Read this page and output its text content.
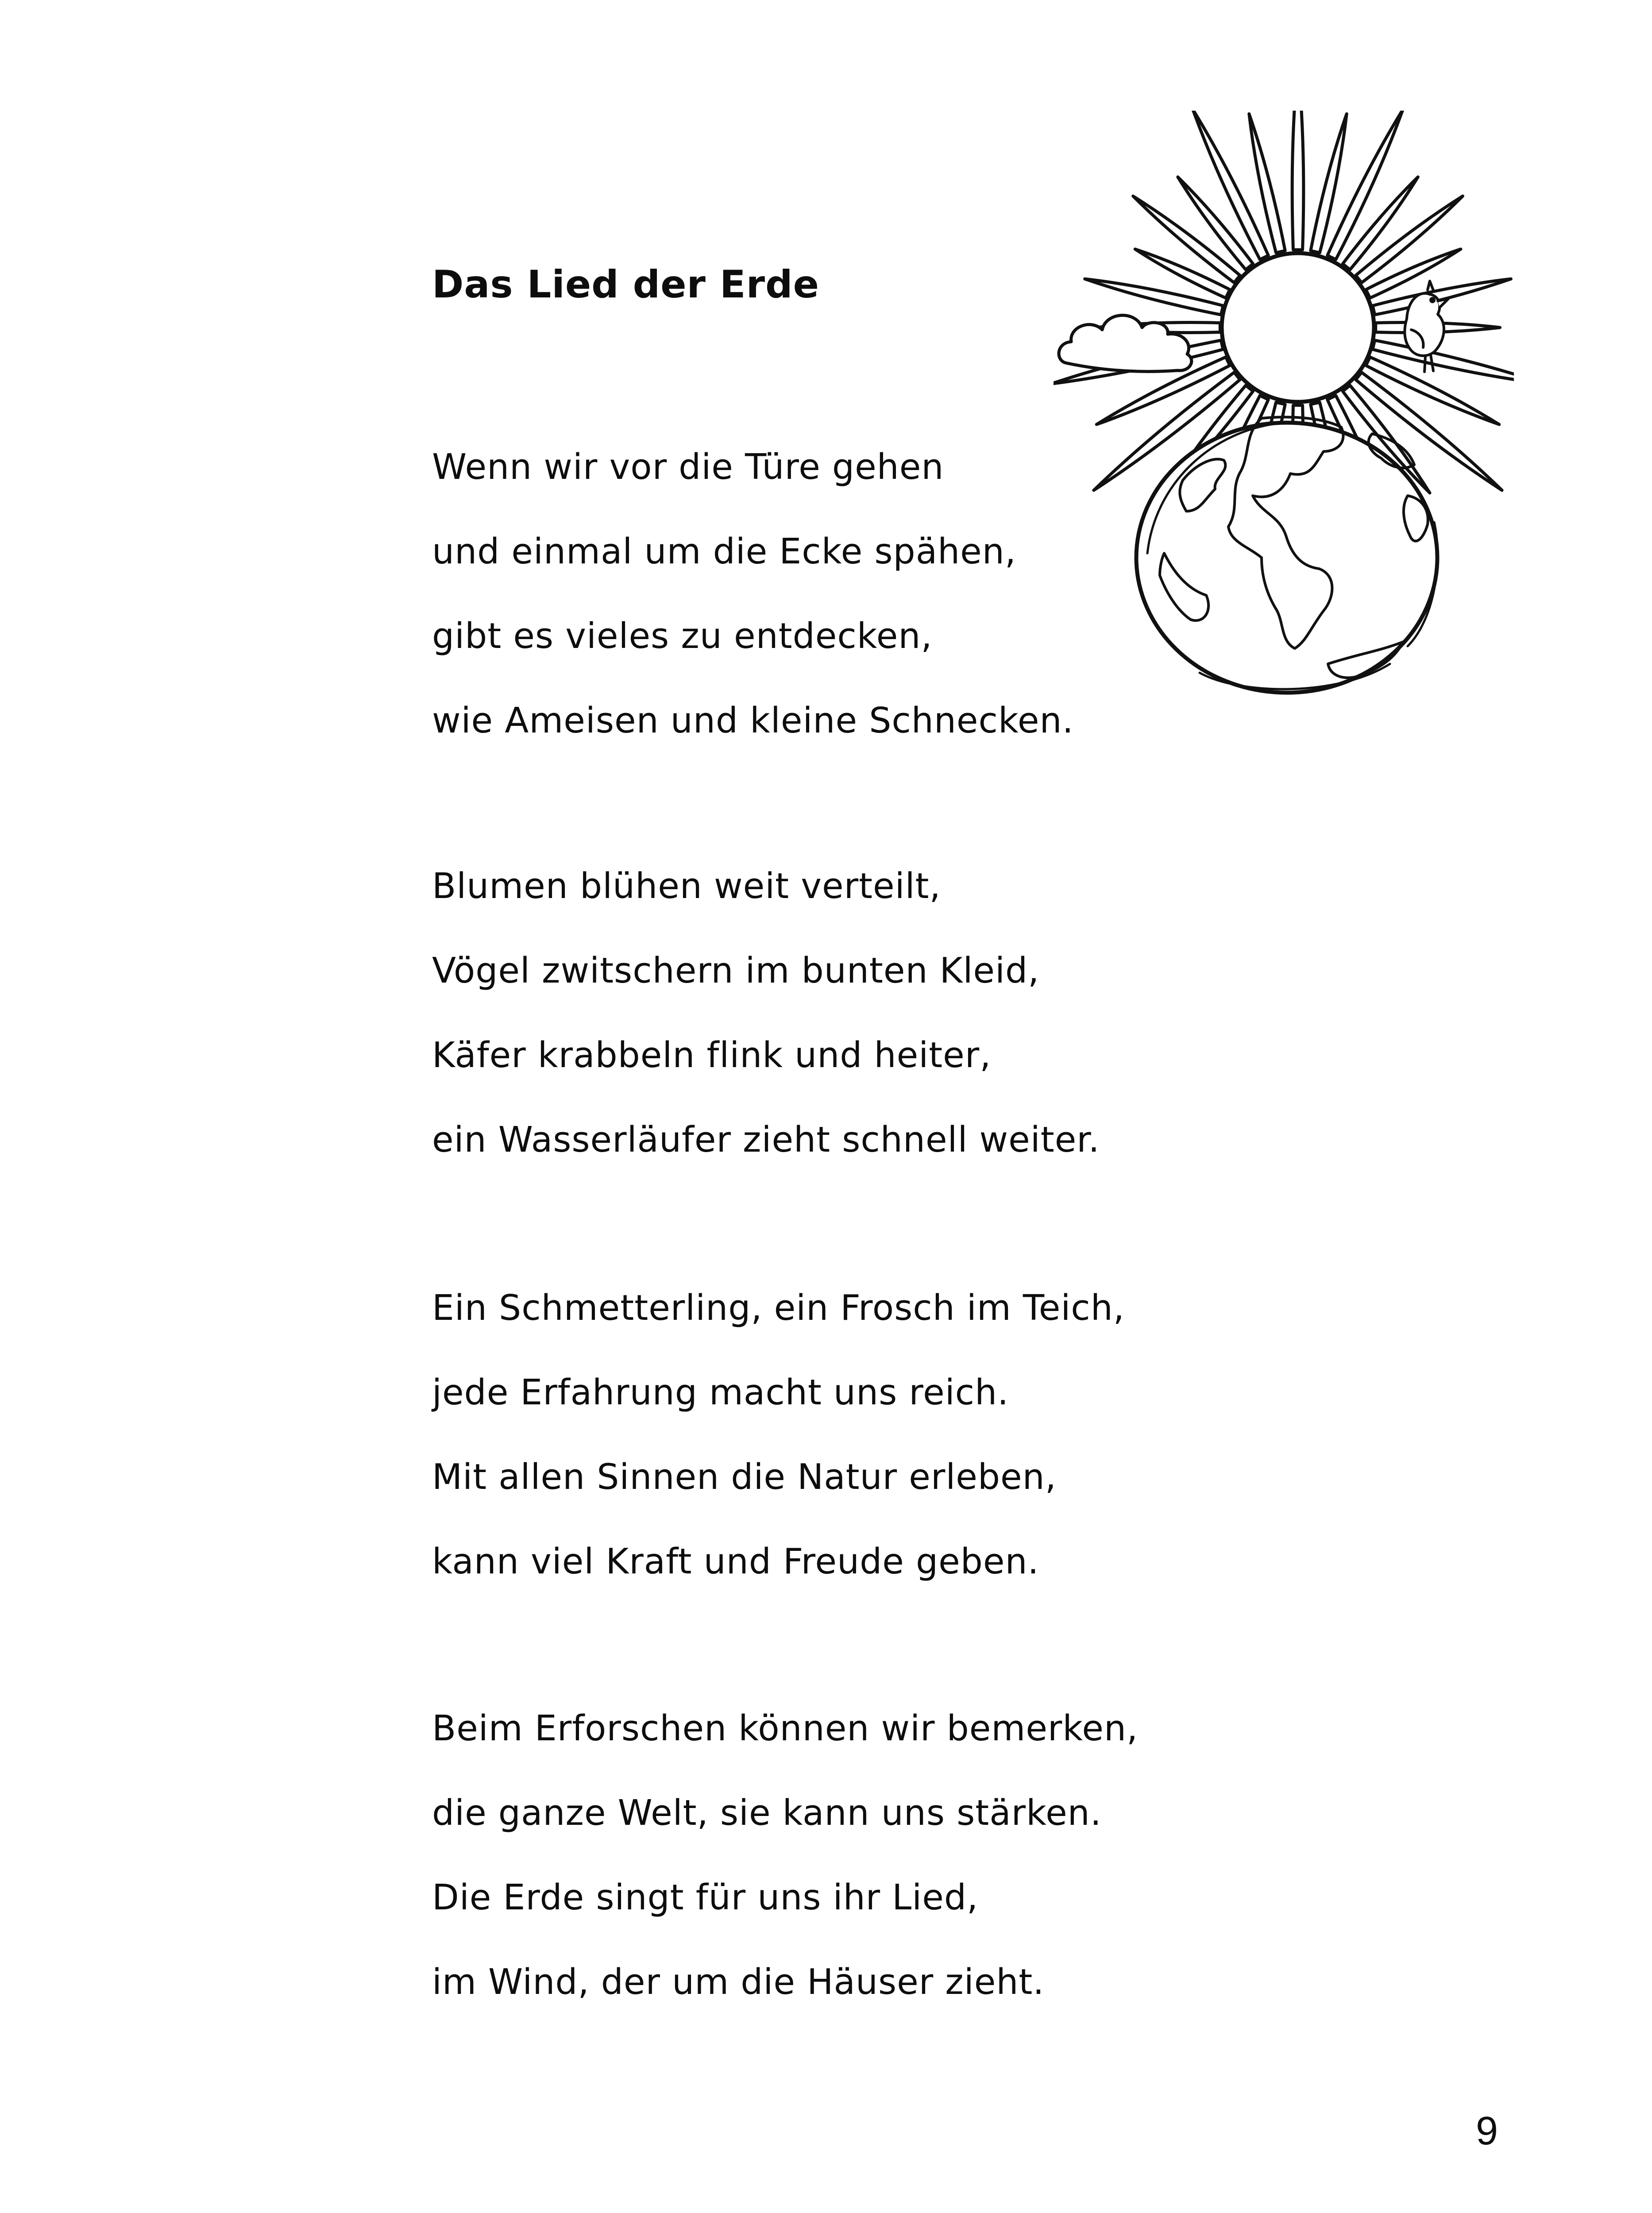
Das Lied der Erde

Wenn wir vor die Türe gehen
und einmal um die Ecke spähen,
gibt es vieles zu entdecken,
wie Ameisen und kleine Schnecken.

Blumen blühen weit verteilt,
Vögel zwitschern im bunten Kleid,
Käfer krabbeln flink und heiter,
ein Wasserläufer zieht schnell weiter.

Ein Schmetterling, ein Frosch im Teich,
jede Erfahrung macht uns reich.
Mit allen Sinnen die Natur erleben,
kann viel Kraft und Freude geben.

Beim Erforschen können wir bemerken,
die ganze Welt, sie kann uns stärken.
Die Erde singt für uns ihr Lied,
im Wind, der um die Häuser zieht.

9
